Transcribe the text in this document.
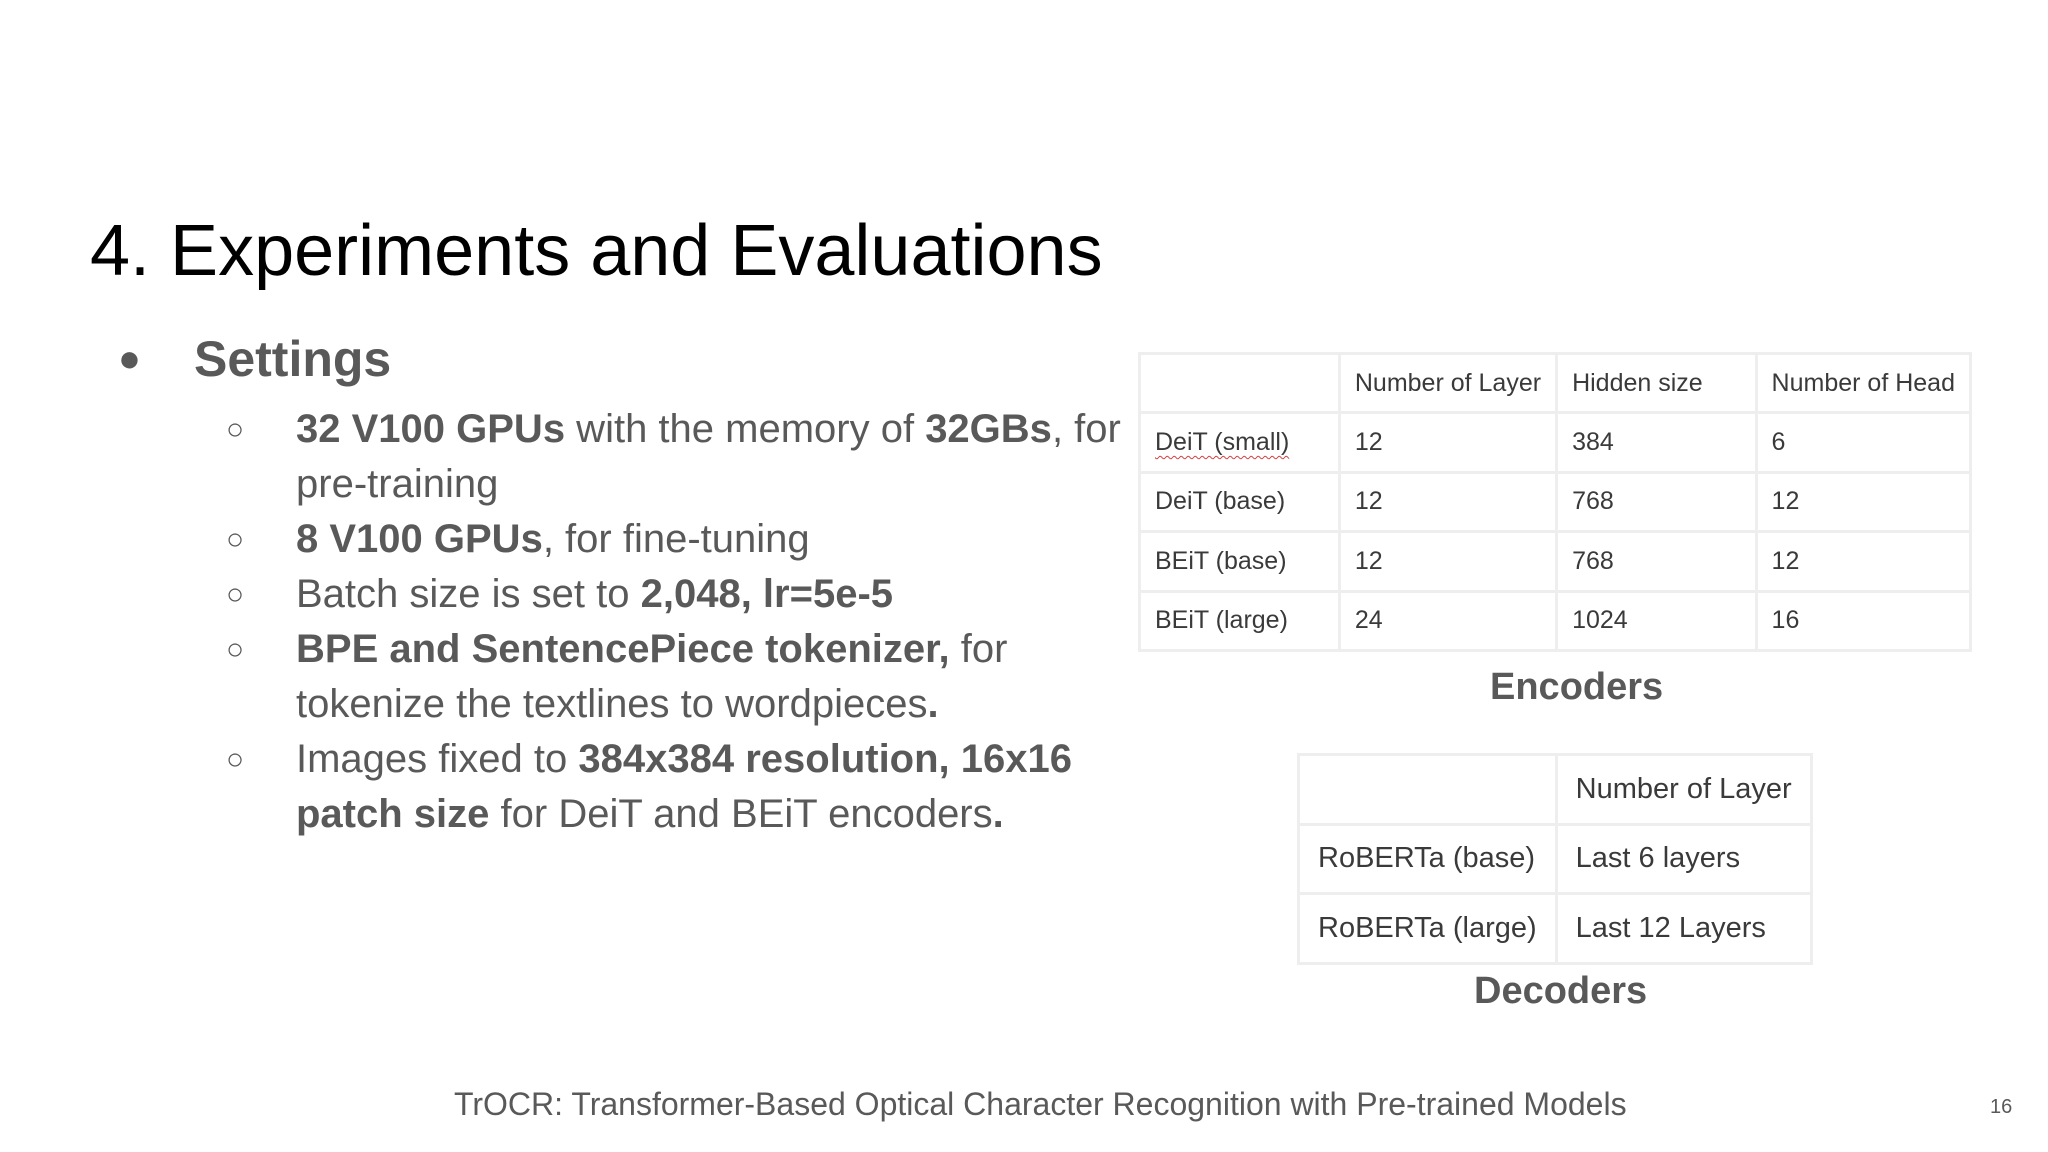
4. Experiments and Evaluations
● Settings
○ 32 V100 GPUs with the memory of 32GBs, for pre-training
○ 8 V100 GPUs, for fine-tuning
○ Batch size is set to 2,048, lr=5e-5
○ BPE and SentencePiece tokenizer, for tokenize the textlines to wordpieces.
○ Images fixed to 384x384 resolution, 16x16 patch size for DeiT and BEiT encoders.
	Number of Layer	Hidden size	Number of Head
DeiT (small)	12	384	6
DeiT (base)	12	768	12
BEiT (base)	12	768	12
BEiT (large)	24	1024	16
Encoders
	Number of Layer
RoBERTa (base)	Last 6 layers
RoBERTa (large)	Last 12 Layers
Decoders
TrOCR: Transformer-Based Optical Character Recognition with Pre-trained Models	16
